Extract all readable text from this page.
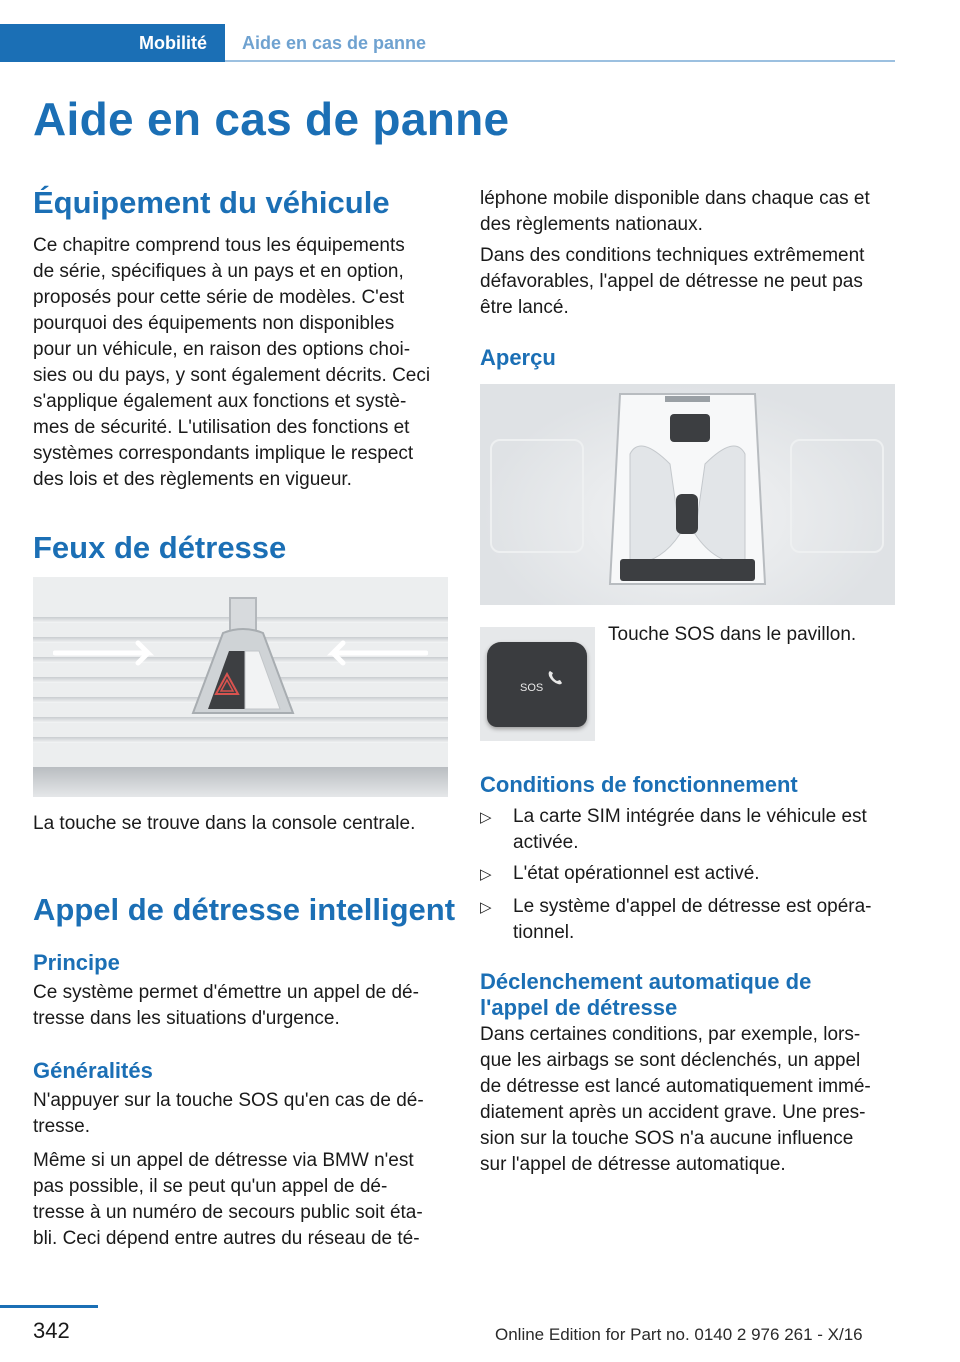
Mobilité	Aide en cas de panne
Aide en cas de panne
Équipement du véhicule
Ce chapitre comprend tous les équipements
de série, spécifiques à un pays et en option,
proposés pour cette série de modèles. C'est
pourquoi des équipements non disponibles
pour un véhicule, en raison des options choi-
sies ou du pays, y sont également décrits. Ceci
s'applique également aux fonctions et systè-
mes de sécurité. L'utilisation des fonctions et
systèmes correspondants implique le respect
des lois et des règlements en vigueur.
Feux de détresse
La touche se trouve dans la console centrale.
Appel de détresse intelligent
Principe
Ce système permet d'émettre un appel de dé-
tresse dans les situations d'urgence.
Généralités
N'appuyer sur la touche SOS qu'en cas de dé-
tresse.
Même si un appel de détresse via BMW n'est
pas possible, il se peut qu'un appel de dé-
tresse à un numéro de secours public soit éta-
bli. Ceci dépend entre autres du réseau de té-
léphone mobile disponible dans chaque cas et
des règlements nationaux.
Dans des conditions techniques extrêmement
défavorables, l'appel de détresse ne peut pas
être lancé.
Aperçu
SOS
Touche SOS dans le pavillon.
Conditions de fonctionnement
▷ La carte SIM intégrée dans le véhicule est
activée.
▷ L'état opérationnel est activé.
▷ Le système d'appel de détresse est opéra-
tionnel.
Déclenchement automatique de
l'appel de détresse
Dans certaines conditions, par exemple, lors-
que les airbags se sont déclenchés, un appel
de détresse est lancé automatiquement immé-
diatement après un accident grave. Une pres-
sion sur la touche SOS n'a aucune influence
sur l'appel de détresse automatique.
342	Online Edition for Part no. 0140 2 976 261 - X/16
